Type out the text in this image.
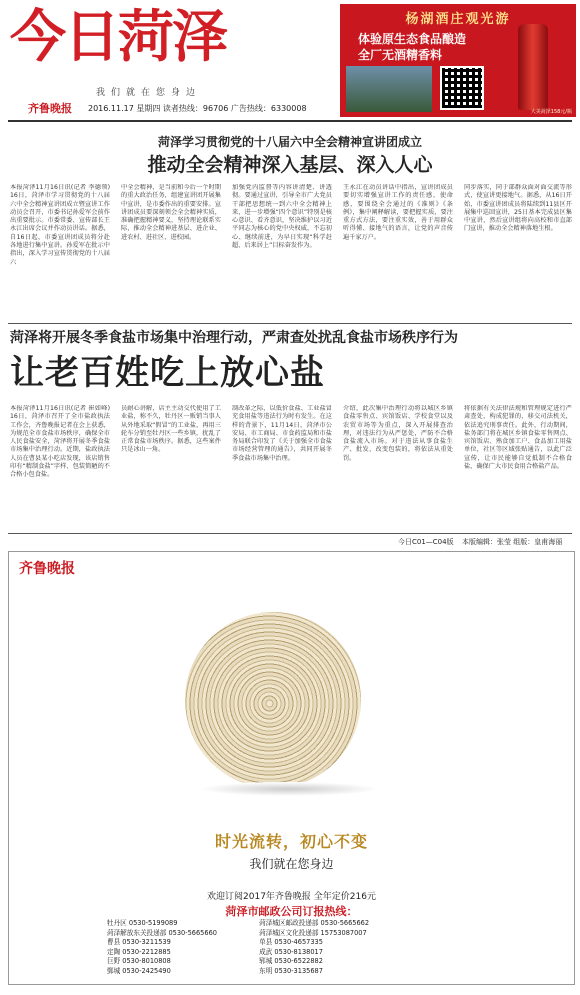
今日菏泽
我们就在您身边
杨湖酒庄观光游
体验原生态食品酿造
全厂无酒精香料
大美菏泽158元/瓶
齐鲁晚报 2016.11.17 星期四 读者热线：96706 广告热线：6330008
菏泽学习贯彻党的十八届六中全会精神宣讲团成立
推动全会精神深入基层、深入人心
本报菏泽11月16日讯(记者 李德领) 16日，菏泽市学习贯彻党的十八届六中全会精神宣讲团成立暨宣讲工作动员会召开，市委书记孙爱军会前作出重要批示。市委常委、宣传部长王永江出席会议并作动员讲话。据悉，自16日起，市委宣讲团成员将分赴各地进行集中宣讲。孙爱军在批示中指出，深入学习宣传贯彻党的十八届六
中全会精神，是当前和今后一个时期的重大政治任务，组建宣讲团开展集中宣讲，是市委作出的重要安排。宣讲团成员要深刻领会全会精神实质，准确把握精神要义，坚持理论联系实际，推动全会精神进基层、进企业、进农村、进社区、进校园。
加强党内监督等内容讲清楚、讲透彻。要通过宣讲，引导全市广大党员干部把思想统一到六中全会精神上来，进一步增强“四个意识”特别是核心意识、看齐意识，坚决维护以习近平同志为核心的党中央权威，不忘初心、继续前进，为早日实现“科学赶超、后来居上”目标奋发作为。
王永江在动员讲话中指出，宣讲团成员要切实增强宣讲工作的责任感，使命感，要围绕全会通过的《准则》《条例》，集中阐释解读，要把握实质，要注重方式方法，要注重实效，善于用群众听得懂、接地气的语言，让党的声音传遍千家万户。
同步落实，同于部群众面对面交流等形式，使宣讲更接地气。据悉，从16日开始，市委宣讲团成员将陆续到11县区开展集中巡回宣讲，25日基本完成县区集中宣讲，然后宣讲组将向高校和市直部门宣讲，推动全会精神落地生根。
菏泽将开展冬季食盐市场集中治理行动，严肃查处扰乱食盐市场秩序行为
让老百姓吃上放心盐
本报菏泽11月16日讯(记者 崔如峰) 16日，菏泽市召开了全市盐政执法工作会，齐鲁晚报记者在会上获悉，为规范全市食盐市场秩序，确保全市人民食盐安全，菏泽将开展冬季食盐市场集中治理行动。近期，盐政执法人员在曹县某小吃店发现，该店销售印有“精制食盐”字样、包装简陋的不合格小包食盐。
员耐心讲解，店主主动交代使用了工业盐，称不久，牡丹区一贩销当事人从外地采取“假冒”的工业盐，再用三轮车分销至牡丹区一些乡镇，扰乱了正常食盐市场秩序。据悉，这些案件只是冰山一角。
制改革之际，以低价食盐、工业盐冒充食用盐等违法行为时有发生。在这样的背景下，11月14日，菏泽市公安局、市工商局、市食药监局和市盐务局联合印发了《关于加强全市食盐市场经营管理的通告》，共同开展冬季食盐市场集中治理。
介绍，此次集中治理行动将以城区乡镇食盐零售点、宾馆饭店、学校食堂以及农贸市场等为重点，深入开展排查治理，对违法行为从严惩处，严防不合格食盐流入市场。对于违法从事食盐生产、批发、改变包装的，将依法从重处罚。
将依据有关法律法规和管理规定进行严肃查处，构成犯罪的，移交司法机关，依法追究刑事责任。此外，行动期间，盐务部门将在城区乡镇食盐零售网点、宾馆饭店、熟食加工户、食品加工用盐单位，社区等区域张贴通告，以此广泛宣传，让市民能够自觉抵制不合格食盐，确保广大市民食用合格盐产品。
今日C01—C04版 本版编辑：张莹 组版：皇甫海丽
齐鲁晚报
时光流转，初心不变
我们就在您身边
欢迎订阅2017年齐鲁晚报 全年定价216元
菏泽市邮政公司订报热线：
牡丹区 0530-5199089	菏泽城区邮政投递部 0530-5665662
菏泽解放东关投递部 0530-5665660	菏泽城区文化投递部 15753087007
曹县 0530-3211539	单县 0530-4657335
定陶 0530-2212885	成武 0530-8138017
巨野 0530-8010808	郓城 0530-6522882
鄄城 0530-2425490	东明 0530-3135687
